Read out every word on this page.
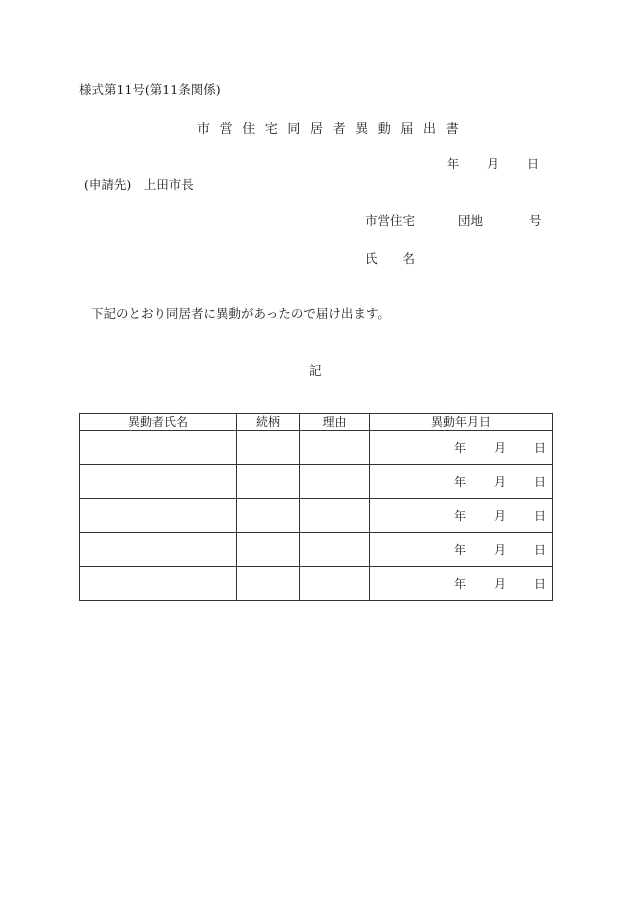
様式第11号(第11条関係)
市営住宅同居者異動届出書
年 月 日
(申請先)　上田市長
市営住宅	団地	号
氏　　名
下記のとおり同居者に異動があったので届け出ます。
記
異動者氏名	続柄	理由	異動年月日
			年 月 日
			年 月 日
			年 月 日
			年 月 日
			年 月 日
